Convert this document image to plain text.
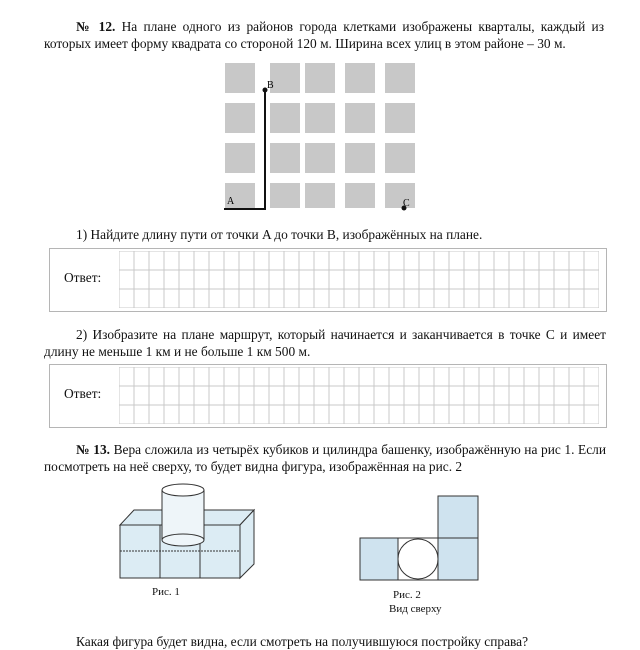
№ 12. На плане одного из районов города клетками изображены кварталы, каждый из которых имеет форму квадрата со стороной 120 м. Ширина всех улиц в этом районе – 30 м.
B
A	C
1) Найдите длину пути от точки A до точки B, изображённых на плане.
Ответ:
2) Изобразите на плане маршрут, который начинается и заканчивается в точке С и имеет длину не меньше 1 км и не больше 1 км 500 м.
Ответ:
№ 13. Вера сложила из четырёх кубиков и цилиндра башенку, изображённую на рис 1. Если посмотреть на неё сверху, то будет видна фигура, изображённая на рис. 2
Рис. 1	Рис. 2
Вид сверху
Какая фигура будет видна, если смотреть на получившуюся постройку справа?
